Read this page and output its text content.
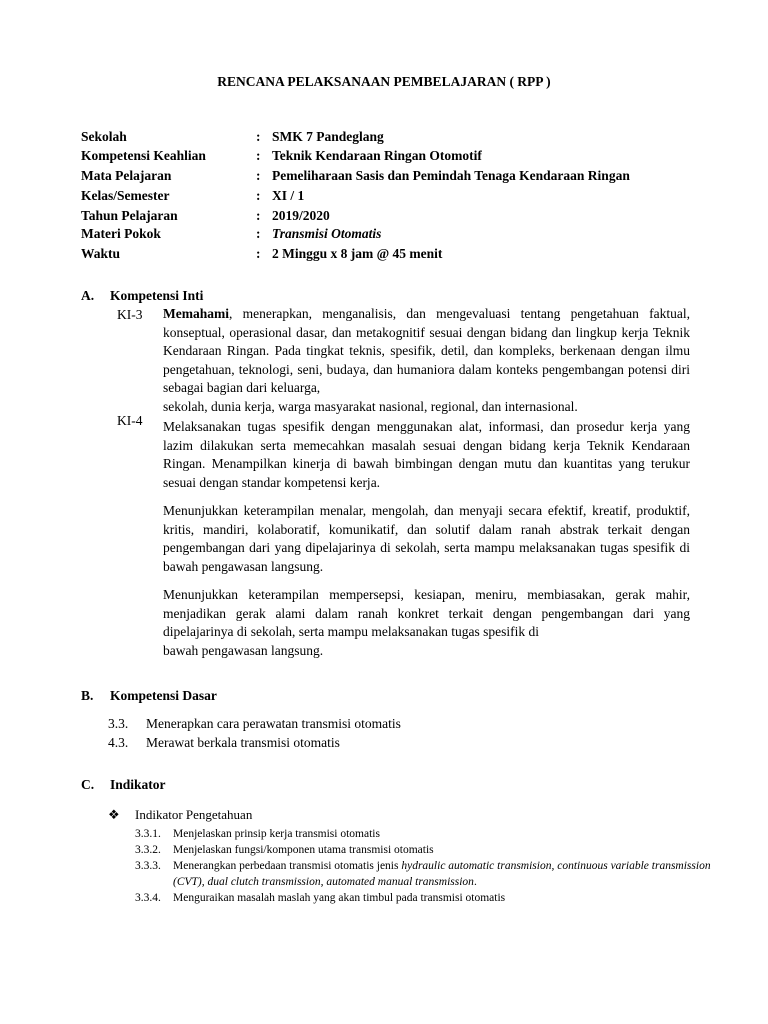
RENCANA PELAKSANAAN PEMBELAJARAN ( RPP )
Sekolah	: SMK 7 Pandeglang
Kompetensi Keahlian	: Teknik Kendaraan Ringan Otomotif
Mata Pelajaran	: Pemeliharaan Sasis dan Pemindah Tenaga Kendaraan Ringan
Kelas/Semester	: XI / 1
Tahun Pelajaran	: 2019/2020
Materi Pokok	: Transmisi Otomatis
Waktu	: 2 Minggu x 8 jam @ 45 menit
A. Kompetensi Inti
KI-3 Memahami, menerapkan, menganalisis, dan mengevaluasi tentang pengetahuan faktual, konseptual, operasional dasar, dan metakognitif sesuai dengan bidang dan lingkup kerja Teknik Kendaraan Ringan. Pada tingkat teknis, spesifik, detil, dan kompleks, berkenaan dengan ilmu pengetahuan, teknologi, seni, budaya, dan humaniora dalam konteks pengembangan potensi diri sebagai bagian dari keluarga,
sekolah, dunia kerja, warga masyarakat nasional, regional, dan internasional.
KI-4 Melaksanakan tugas spesifik dengan menggunakan alat, informasi, dan prosedur kerja yang lazim dilakukan serta memecahkan masalah sesuai dengan bidang kerja Teknik Kendaraan Ringan. Menampilkan kinerja di bawah bimbingan dengan mutu dan kuantitas yang terukur sesuai dengan standar kompetensi kerja.
Menunjukkan keterampilan menalar, mengolah, dan menyaji secara efektif, kreatif, produktif, kritis, mandiri, kolaboratif, komunikatif, dan solutif dalam ranah abstrak terkait dengan pengembangan dari yang dipelajarinya di sekolah, serta mampu melaksanakan tugas spesifik di bawah pengawasan langsung.
Menunjukkan keterampilan mempersepsi, kesiapan, meniru, membiasakan, gerak mahir, menjadikan gerak alami dalam ranah konkret terkait dengan pengembangan dari yang dipelajarinya di sekolah, serta mampu melaksanakan tugas spesifik di
bawah pengawasan langsung.
B. Kompetensi Dasar
3.3. Menerapkan cara perawatan transmisi otomatis
4.3. Merawat berkala transmisi otomatis
C. Indikator
❖ Indikator Pengetahuan
3.3.1. Menjelaskan prinsip kerja transmisi otomatis
3.3.2. Menjelaskan fungsi/komponen utama transmisi otomatis
3.3.3. Menerangkan perbedaan transmisi otomatis jenis hydraulic automatic transmision, continuous variable transmission (CVT), dual clutch transmission, automated manual transmission.
3.3.4. Menguraikan masalah maslah yang akan timbul pada transmisi otomatis
